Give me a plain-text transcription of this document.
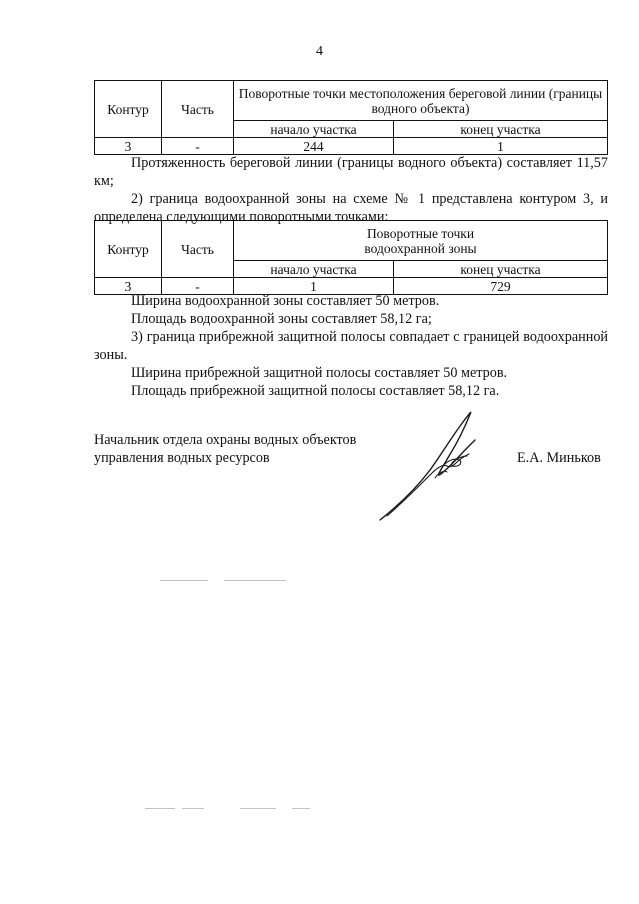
4
Контур	Часть	Поворотные точки местоположения береговой линии (границы водного объекта)	
		начало участка	конец участка
3	-	244	1

Протяженность береговой линии (границы водного объекта) составляет 11,57 км;

2) граница водоохранной зоны на схеме № 1 представлена контуром 3, и определена следующими поворотными точками:

Контур	Часть	Поворотные точки
водоохранной зоны	

		начало участка	конец участка
3	-	1	729

Ширина водоохранной зоны составляет 50 метров.

Площадь водоохранной зоны составляет 58,12 га;

3) граница прибрежной защитной полосы совпадает с границей водоохранной зоны.

Ширина прибрежной защитной полосы составляет 50 метров.

Площадь прибрежной защитной полосы составляет 58,12 га.

Начальник отдела охраны водных объектов
управления водных ресурсов	Е.А. Миньков
